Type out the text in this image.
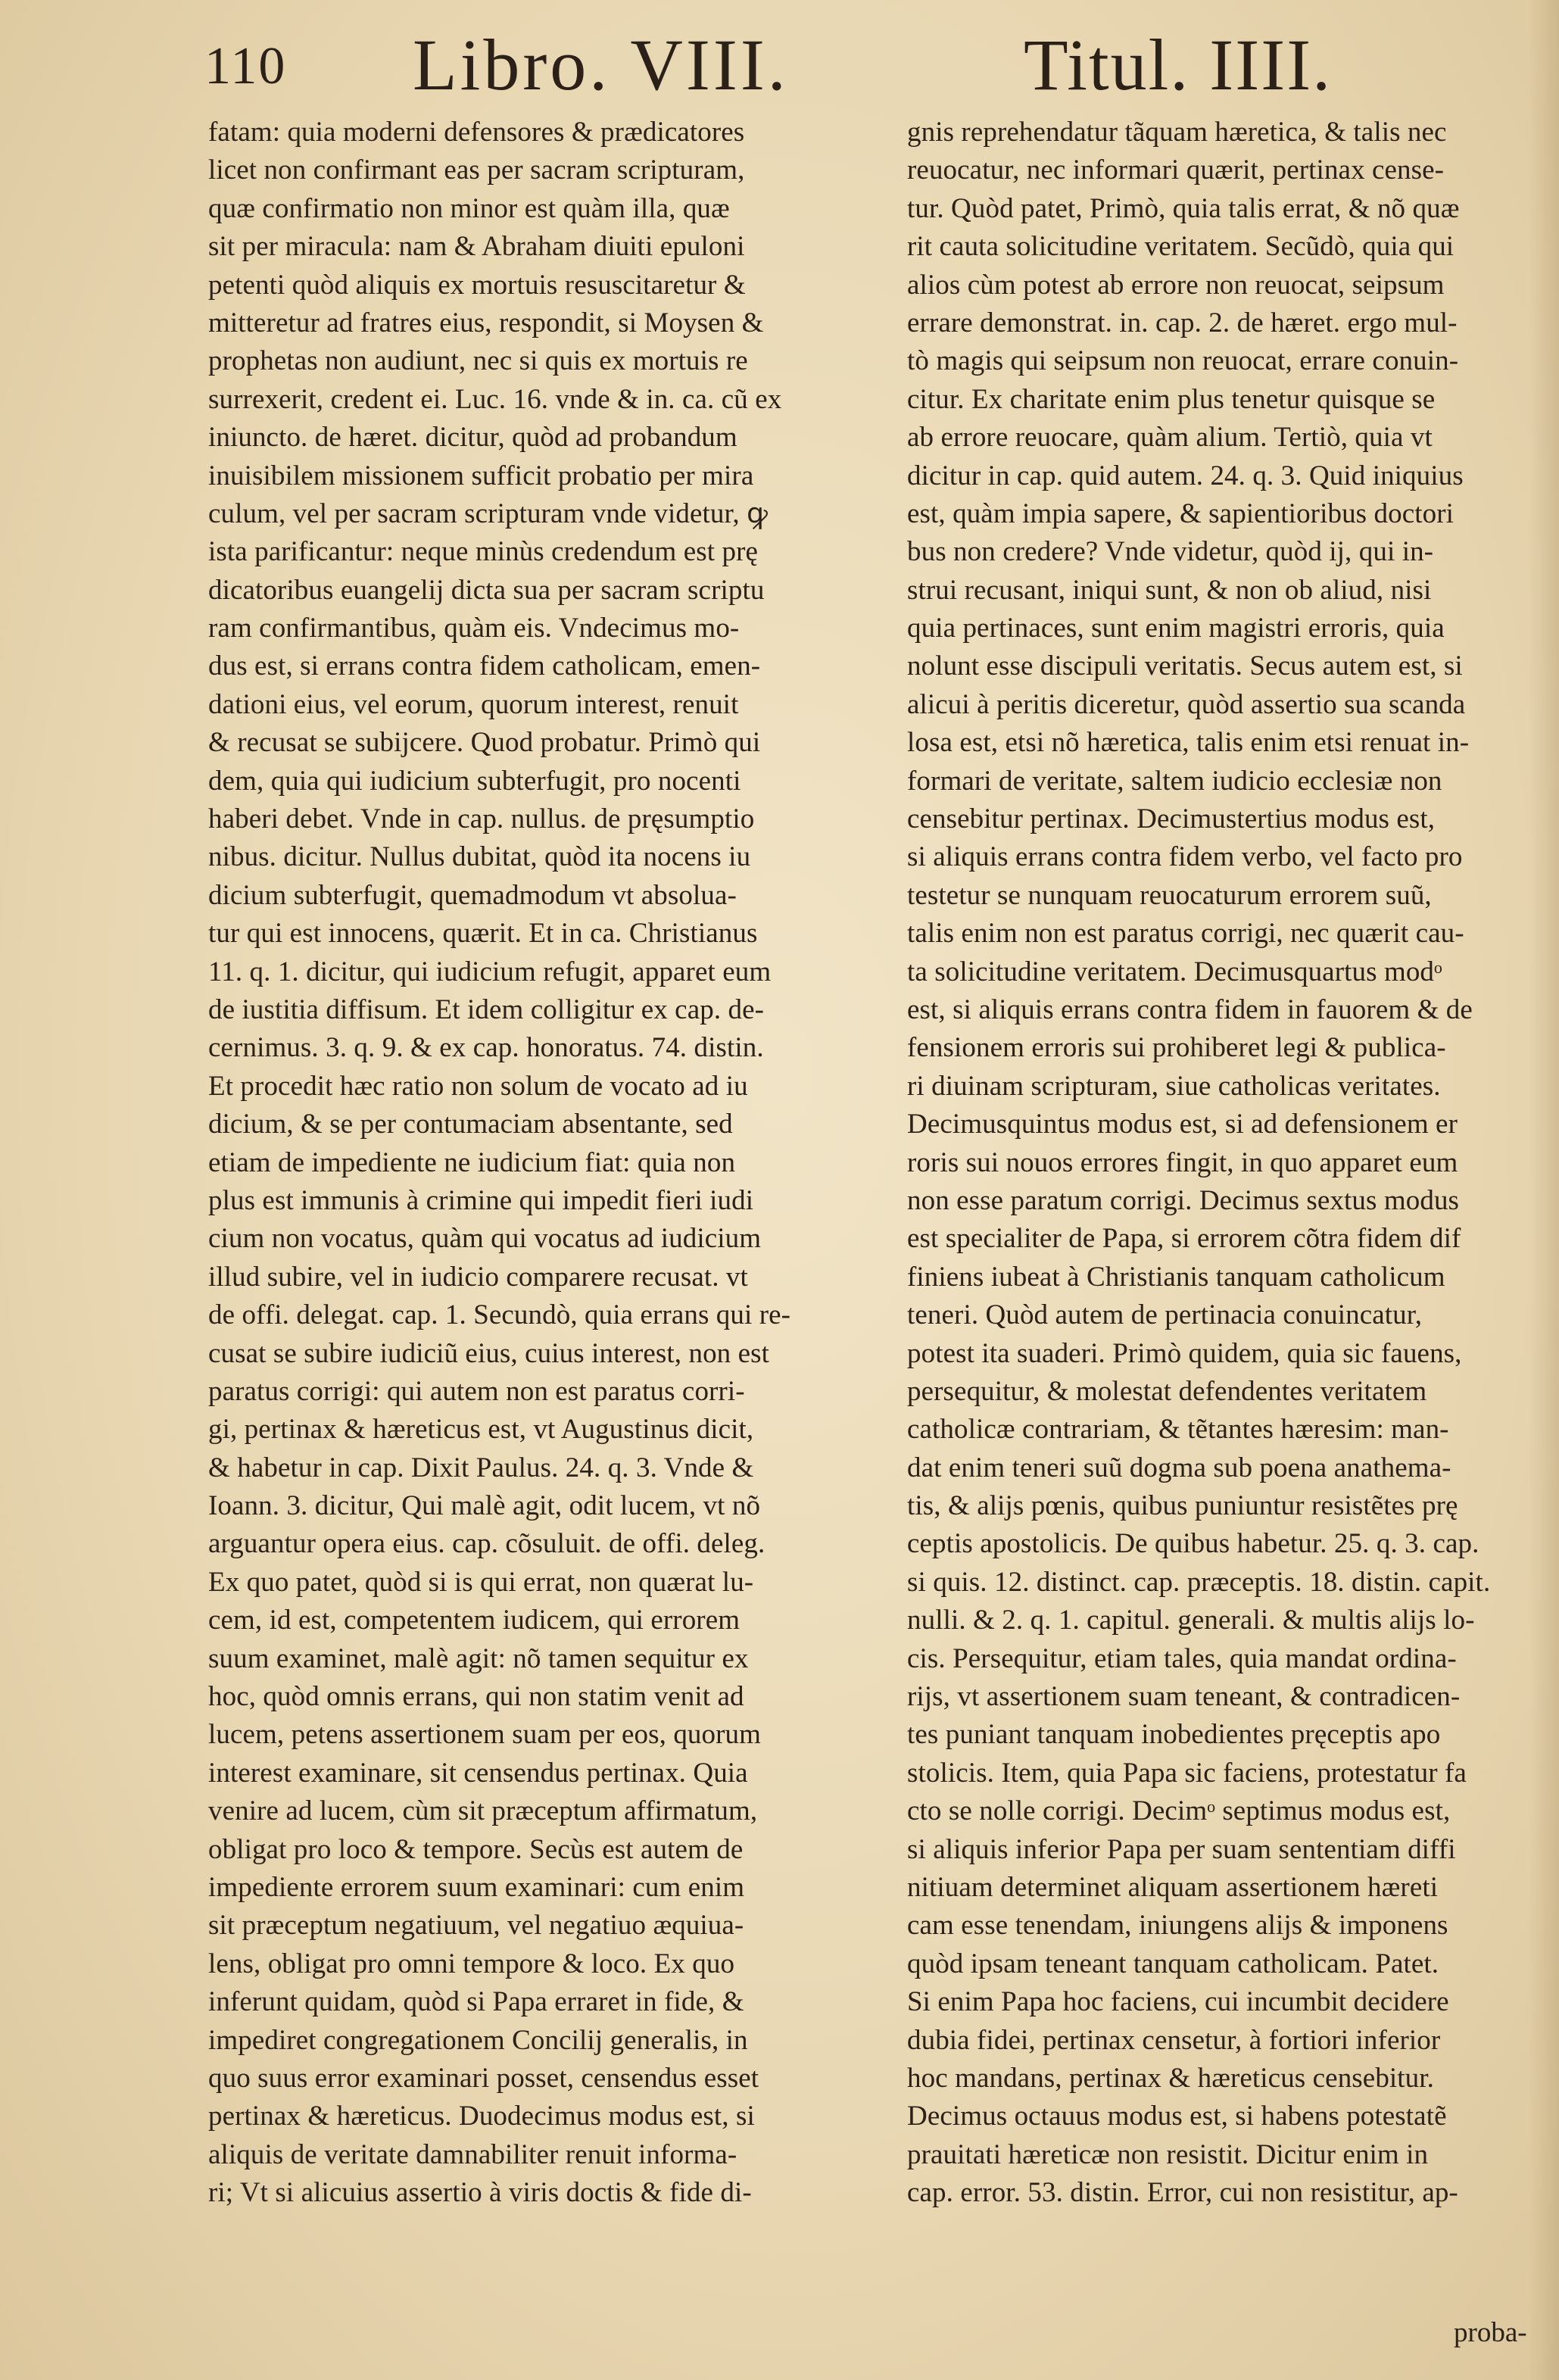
110 Libro. VIII.	Titul. IIII.
fatam: quia moderni defensores & prædicatores
licet non confirmant eas per sacram scripturam,
quæ confirmatio non minor est quàm illa, quæ
sit per miracula: nam & Abraham diuiti epuloni
petenti quòd aliquis ex mortuis resuscitaretur &
mitteretur ad fratres eius, respondit, si Moysen &
prophetas non audiunt, nec si quis ex mortuis re
surrexerit, credent ei. Luc. 16. vnde & in. ca. cũ ex
iniuncto. de hæret. dicitur, quòd ad probandum
inuisibilem missionem sufficit probatio per mira
culum, vel per sacram scripturam vnde videtur, ꝙ
ista parificantur: neque minùs credendum est prę
dicatoribus euangelij dicta sua per sacram scriptu
ram confirmantibus, quàm eis. Vndecimus mo-
dus est, si errans contra fidem catholicam, emen-
dationi eius, vel eorum, quorum interest, renuit
& recusat se subijcere. Quod probatur. Primò qui
dem, quia qui iudicium subterfugit, pro nocenti
haberi debet. Vnde in cap. nullus. de pręsumptio
nibus. dicitur. Nullus dubitat, quòd ita nocens iu
dicium subterfugit, quemadmodum vt absolua-
tur qui est innocens, quærit. Et in ca. Christianus
11. q. 1. dicitur, qui iudicium refugit, apparet eum
de iustitia diffisum. Et idem colligitur ex cap. de-
cernimus. 3. q. 9. & ex cap. honoratus. 74. distin.
Et procedit hæc ratio non solum de vocato ad iu
dicium, & se per contumaciam absentante, sed
etiam de impediente ne iudicium fiat: quia non
plus est immunis à crimine qui impedit fieri iudi
cium non vocatus, quàm qui vocatus ad iudicium
illud subire, vel in iudicio comparere recusat. vt
de offi. delegat. cap. 1. Secundò, quia errans qui re-
cusat se subire iudiciũ eius, cuius interest, non est
paratus corrigi: qui autem non est paratus corri-
gi, pertinax & hæreticus est, vt Augustinus dicit,
& habetur in cap. Dixit Paulus. 24. q. 3. Vnde &
Ioann. 3. dicitur, Qui malè agit, odit lucem, vt nõ
arguantur opera eius. cap. cõsuluit. de offi. deleg.
Ex quo patet, quòd si is qui errat, non quærat lu-
cem, id est, competentem iudicem, qui errorem
suum examinet, malè agit: nõ tamen sequitur ex
hoc, quòd omnis errans, qui non statim venit ad
lucem, petens assertionem suam per eos, quorum
interest examinare, sit censendus pertinax. Quia
venire ad lucem, cùm sit præceptum affirmatum,
obligat pro loco & tempore. Secùs est autem de
impediente errorem suum examinari: cum enim
sit præceptum negatiuum, vel negatiuo æquiua-
lens, obligat pro omni tempore & loco. Ex quo
inferunt quidam, quòd si Papa erraret in fide, &
impediret congregationem Concilij generalis, in
quo suus error examinari posset, censendus esset
pertinax & hæreticus. Duodecimus modus est, si
aliquis de veritate damnabiliter renuit informa-
ri; Vt si alicuius assertio à viris doctis & fide di-
gnis reprehendatur tãquam hæretica, & talis nec
reuocatur, nec informari quærit, pertinax cense-
tur. Quòd patet, Primò, quia talis errat, & nõ quæ
rit cauta solicitudine veritatem. Secũdò, quia qui
alios cùm potest ab errore non reuocat, seipsum
errare demonstrat. in. cap. 2. de hæret. ergo mul-
tò magis qui seipsum non reuocat, errare conuin-
citur. Ex charitate enim plus tenetur quisque se
ab errore reuocare, quàm alium. Tertiò, quia vt
dicitur in cap. quid autem. 24. q. 3. Quid iniquius
est, quàm impia sapere, & sapientioribus doctori
bus non credere? Vnde videtur, quòd ij, qui in-
strui recusant, iniqui sunt, & non ob aliud, nisi
quia pertinaces, sunt enim magistri erroris, quia
nolunt esse discipuli veritatis. Secus autem est, si
alicui à peritis diceretur, quòd assertio sua scanda
losa est, etsi nõ hæretica, talis enim etsi renuat in-
formari de veritate, saltem iudicio ecclesiæ non
censebitur pertinax. Decimustertius modus est,
si aliquis errans contra fidem verbo, vel facto pro
testetur se nunquam reuocaturum errorem suũ,
talis enim non est paratus corrigi, nec quærit cau-
ta solicitudine veritatem. Decimusquartus modᵒ
est, si aliquis errans contra fidem in fauorem & de
fensionem erroris sui prohiberet legi & publica-
ri diuinam scripturam, siue catholicas veritates.
Decimusquintus modus est, si ad defensionem er
roris sui nouos errores fingit, in quo apparet eum
non esse paratum corrigi. Decimus sextus modus
est specialiter de Papa, si errorem cõtra fidem dif
finiens iubeat à Christianis tanquam catholicum
teneri. Quòd autem de pertinacia conuincatur,
potest ita suaderi. Primò quidem, quia sic fauens,
persequitur, & molestat defendentes veritatem
catholicæ contrariam, & tẽtantes hæresim: man-
dat enim teneri suũ dogma sub poena anathema-
tis, & alijs pœnis, quibus puniuntur resistẽtes prę
ceptis apostolicis. De quibus habetur. 25. q. 3. cap.
si quis. 12. distinct. cap. præceptis. 18. distin. capit.
nulli. & 2. q. 1. capitul. generali. & multis alijs lo-
cis. Persequitur, etiam tales, quia mandat ordina-
rijs, vt assertionem suam teneant, & contradicen-
tes puniant tanquam inobedientes pręceptis apo
stolicis. Item, quia Papa sic faciens, protestatur fa
cto se nolle corrigi. Decimᵒ septimus modus est,
si aliquis inferior Papa per suam sententiam diffi
nitiuam determinet aliquam assertionem hæreti
cam esse tenendam, iniungens alijs & imponens
quòd ipsam teneant tanquam catholicam. Patet.
Si enim Papa hoc faciens, cui incumbit decidere
dubia fidei, pertinax censetur, à fortiori inferior
hoc mandans, pertinax & hæreticus censebitur.
Decimus octauus modus est, si habens potestatẽ
prauitati hæreticæ non resistit. Dicitur enim in
cap. error. 53. distin. Error, cui non resistitur, ap-
proba-
